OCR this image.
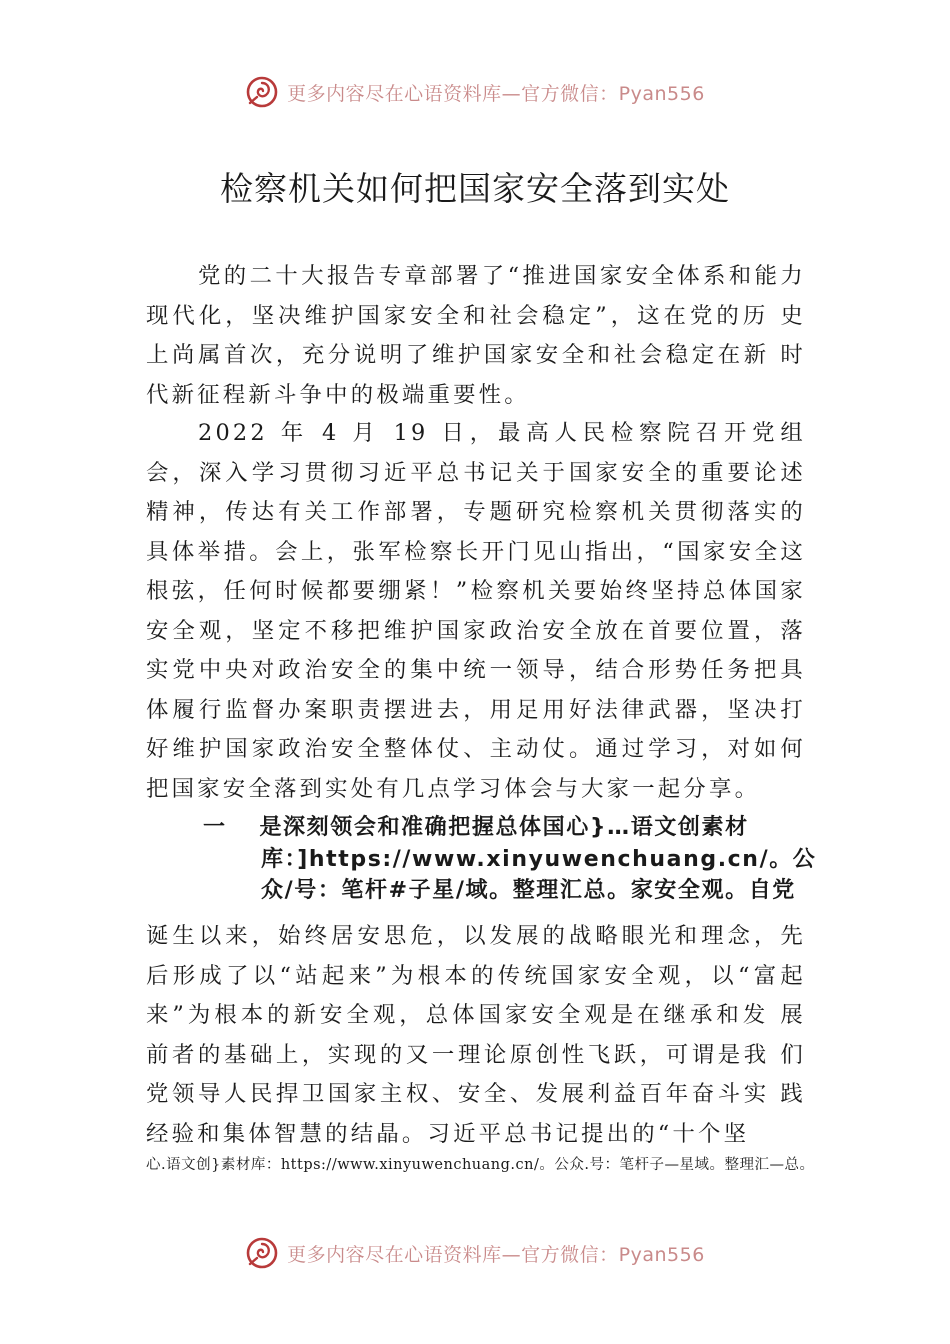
更多内容尽在心语资料库—官方微信：Pyan556
检察机关如何把国家安全落到实处

党的二十大报告专章部署了“推进国家安全体系和能力现代化，坚决维护国家安全和社会稳定”，这在党的历 史上尚属首次，充分说明了维护国家安全和社会稳定在新 时代新征程新斗争中的极端重要性。

2022 年 4 月 19 日，最高人民检察院召开党组会，深入学习贯彻习近平总书记关于国家安全的重要论述精神，传达有关工作部署，专题研究检察机关贯彻落实的具体举措。会上，张军检察长开门见山指出，“国家安全这根弦，任何时候都要绷紧！”检察机关要始终坚持总体国家安全观，坚定不移把维护国家政治安全放在首要位置，落实党中央对政治安全的集中统一领导，结合形势任务把具体履行监督办案职责摆进去，用足用好法律武器，坚决打好维护国家政治安全整体仗、主动仗。通过学习，对如何把国家安全落到实处有几点学习体会与大家一起分享。

一　 是深刻领会和准确把握总体国心}…语文创素材库：]https://www.xinyuwenchuang.cn/。公众/号：笔杆#子星/域。整理汇总。家安全观。自党

诞生以来，始终居安思危，以发展的战略眼光和理念，先 后形成了以“站起来”为根本的传统国家安全观，以“富起来”为根本的新安全观，总体国家安全观是在继承和发 展前者的基础上，实现的又一理论原创性飞跃，可谓是我 们党领导人民捍卫国家主权、安全、发展利益百年奋斗实 践经验和集体智慧的结晶。习近平总书记提出的“十个坚

心.语文创}素材库：https://www.xinyuwenchuang.cn/。公众.号：笔杆子—星域。整理汇—总。

更多内容尽在心语资料库—官方微信：Pyan556
